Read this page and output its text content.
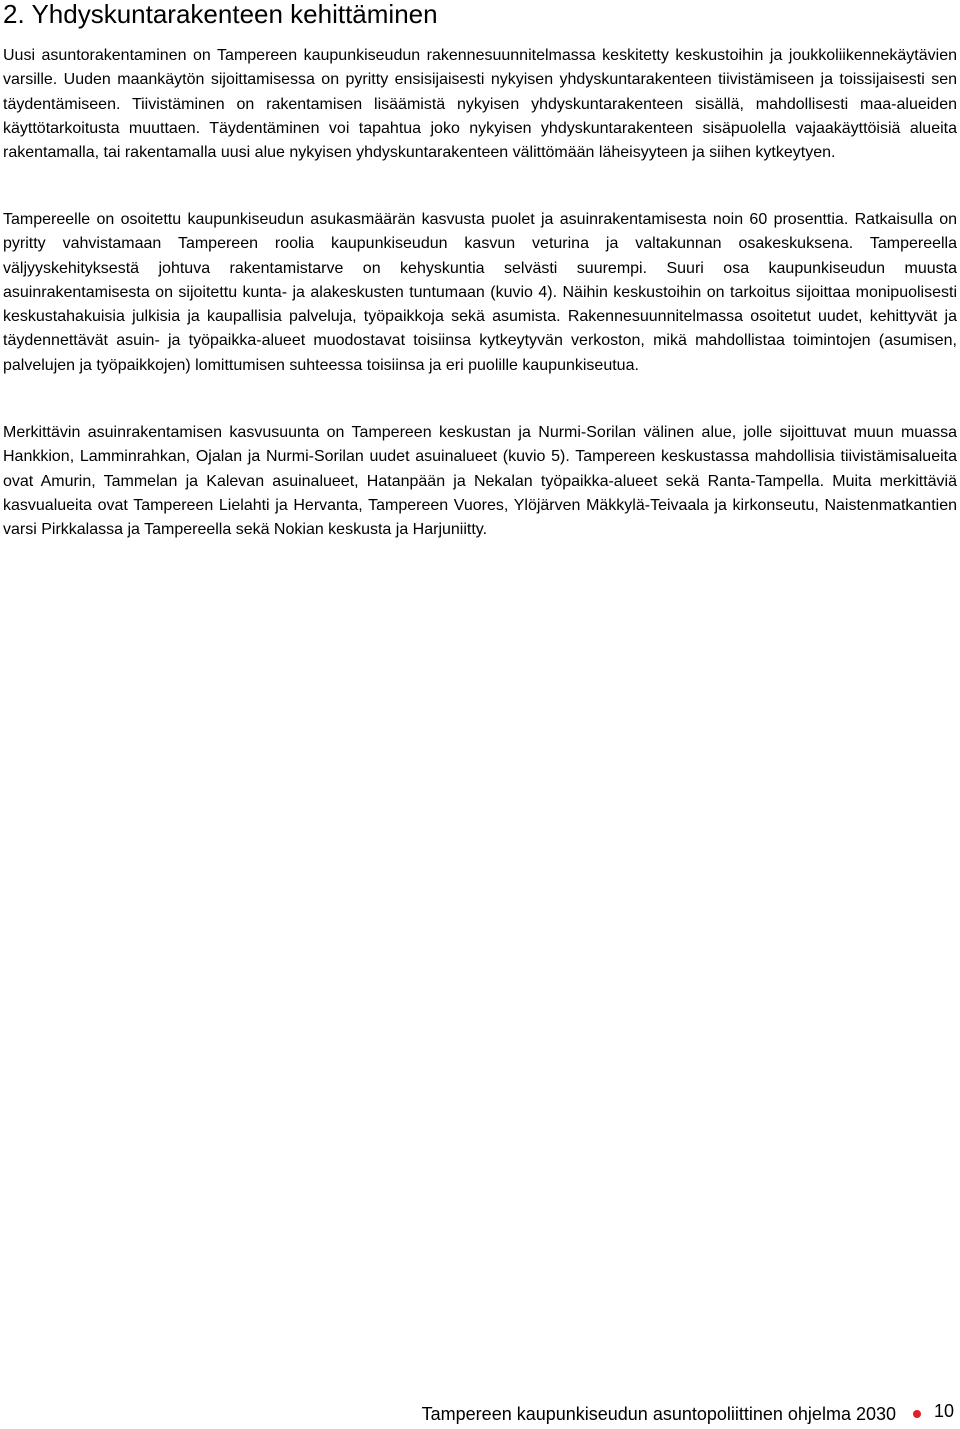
2. Yhdyskuntarakenteen kehittäminen

Uusi asuntorakentaminen on Tampereen kaupunkiseudun rakennesuunnitelmassa keskitetty keskustoihin ja joukkoliikennekäytävien varsille. Uuden maankäytön sijoittamisessa on pyritty ensisijaisesti nykyisen yhdyskuntarakenteen tiivistämiseen ja toissijaisesti sen täydentämiseen. Tiivistäminen on rakentamisen lisäämistä nykyisen yhdyskuntarakenteen sisällä, mahdollisesti maa-alueiden käyttötarkoitusta muuttaen. Täydentäminen voi tapahtua joko nykyisen yhdyskuntarakenteen sisäpuolella vajaakäyttöisiä alueita rakentamalla, tai rakentamalla uusi alue nykyisen yhdyskuntarakenteen välittömään läheisyyteen ja siihen kytkeytyen.

Tampereelle on osoitettu kaupunkiseudun asukasmäärän kasvusta puolet ja asuinrakentamisesta noin 60 prosenttia. Ratkaisulla on pyritty vahvistamaan Tampereen roolia kaupunkiseudun kasvun veturina ja valtakunnan osakeskuksena. Tampereella väljyyskehityksestä johtuva rakentamistarve on kehyskuntia selvästi suurempi. Suuri osa kaupunkiseudun muusta asuinrakentamisesta on sijoitettu kunta- ja alakeskusten tuntumaan (kuvio 4). Näihin keskustoihin on tarkoitus sijoittaa monipuolisesti keskustahakuisia julkisia ja kaupallisia palveluja, työpaikkoja sekä asumista. Rakennesuunnitelmassa osoitetut uudet, kehittyvät ja täydennettävät asuin- ja työpaikka-alueet muodostavat toisiinsa kytkeytyvän verkoston, mikä mahdollistaa toimintojen (asumisen, palvelujen ja työpaikkojen) lomittumisen suhteessa toisiinsa ja eri puolille kaupunkiseutua.

Merkittävin asuinrakentamisen kasvusuunta on Tampereen keskustan ja Nurmi-Sorilan välinen alue, jolle sijoittuvat muun muassa Hankkion, Lamminrahkan, Ojalan ja Nurmi-Sorilan uudet asuinalueet (kuvio 5). Tampereen keskustassa mahdollisia tiivistämisalueita ovat Amurin, Tammelan ja Kalevan asuinalueet, Hatanpään ja Nekalan työpaikka-alueet sekä Ranta-Tampella. Muita merkittäviä kasvualueita ovat Tampereen Lielahti ja Hervanta, Tampereen Vuores, Ylöjärven Mäkkylä-Teivaala ja kirkonseutu, Naistenmatkantien varsi Pirkkalassa ja Tampereella sekä Nokian keskusta ja Harjuniitty.

Tampereen kaupunkiseudun asuntopoliittinen ohjelma 2030 10
